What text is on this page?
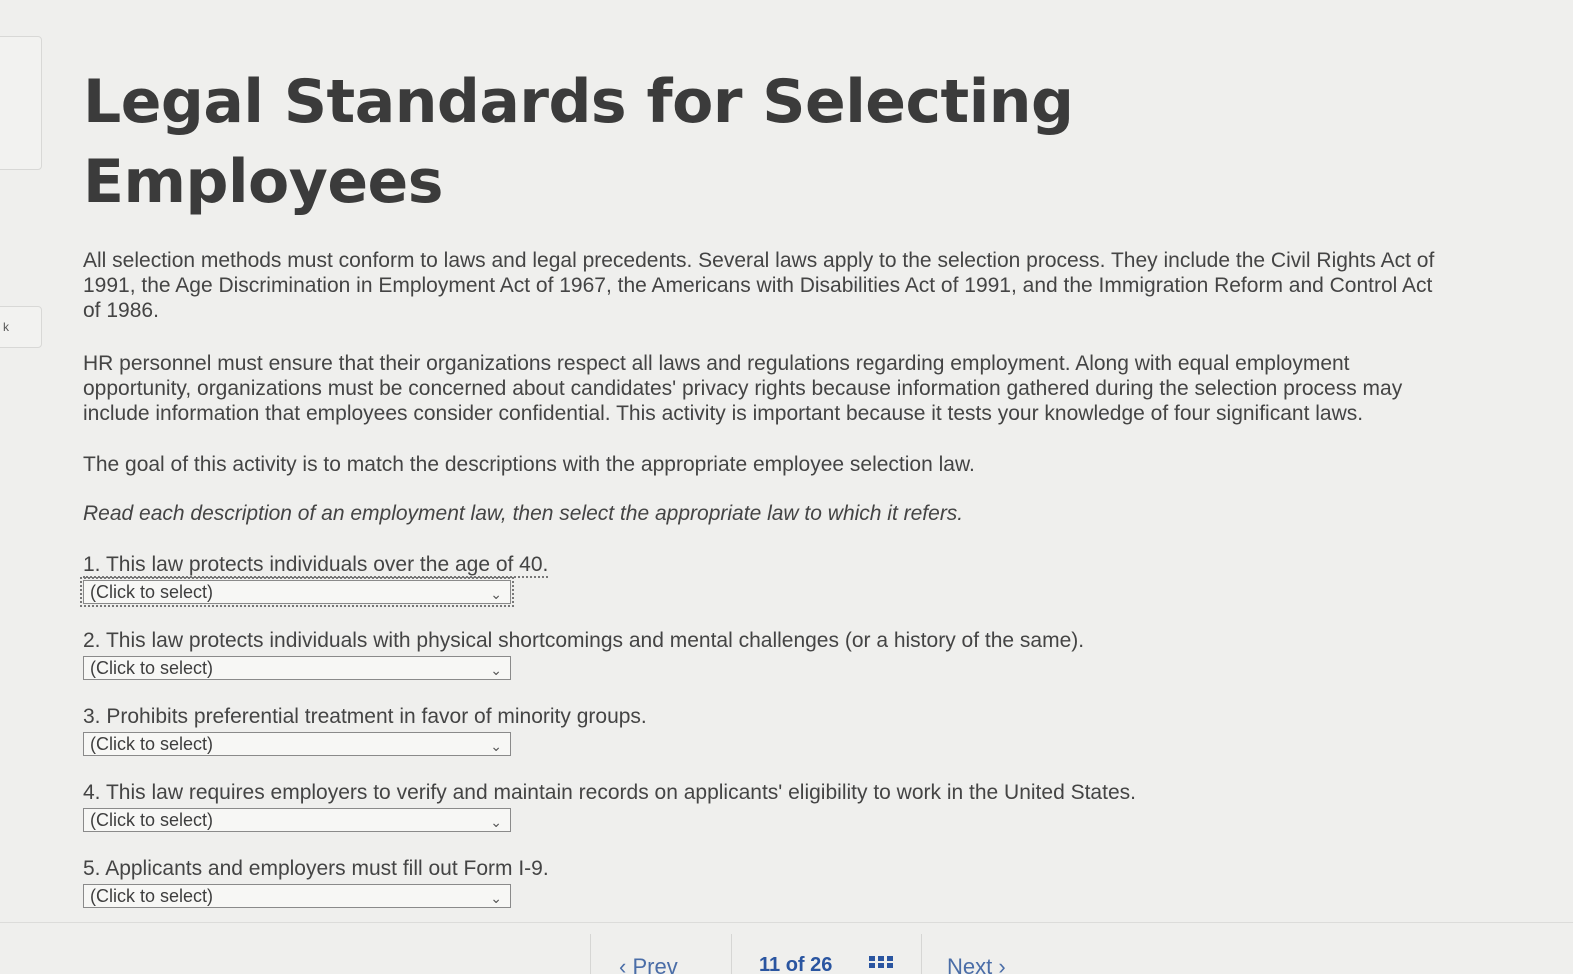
k
Legal Standards for Selecting Employees

All selection methods must conform to laws and legal precedents. Several laws apply to the selection process. They include the Civil Rights Act of 1991, the Age Discrimination in Employment Act of 1967, the Americans with Disabilities Act of 1991, and the Immigration Reform and Control Act of 1986.

HR personnel must ensure that their organizations respect all laws and regulations regarding employment. Along with equal employment opportunity, organizations must be concerned about candidates' privacy rights because information gathered during the selection process may include information that employees consider confidential. This activity is important because it tests your knowledge of four significant laws.

The goal of this activity is to match the descriptions with the appropriate employee selection law.

Read each description of an employment law, then select the appropriate law to which it refers.

1. This law protects individuals over the age of 40.
(Click to select)	⌄
2. This law protects individuals with physical shortcomings and mental challenges (or a history of the same).
(Click to select)	⌄
3. Prohibits preferential treatment in favor of minority groups.
(Click to select)	⌄
4. This law requires employers to verify and maintain records on applicants' eligibility to work in the United States.
(Click to select)	⌄
5. Applicants and employers must fill out Form I-9.
(Click to select)	⌄
‹ Prev	11 of 26	Next ›
